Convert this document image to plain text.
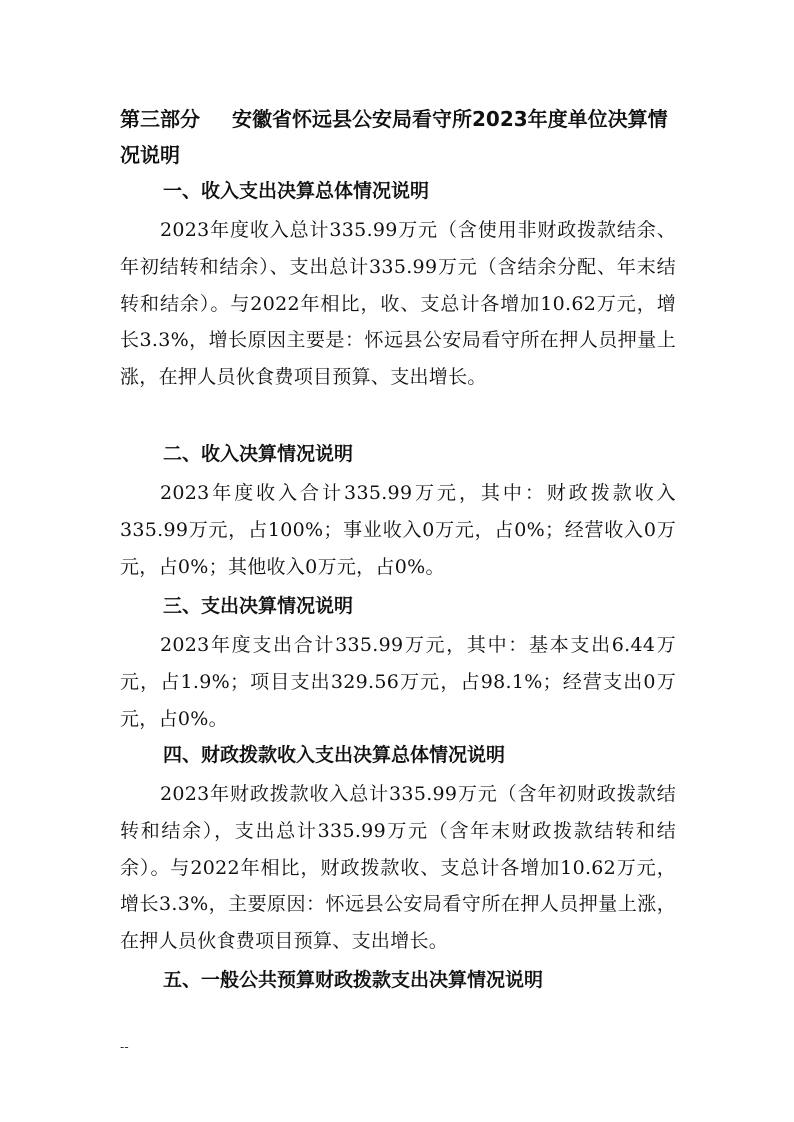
第三部分 安徽省怀远县公安局看守所2023年度单位决算情况说明
一、收入支出决算总体情况说明

2023年度收入总计335.99万元（含使用非财政拨款结余、年初结转和结余）、支出总计335.99万元（含结余分配、年末结转和结余）。与2022年相比，收、支总计各增加10.62万元，增长3.3%，增长原因主要是：怀远县公安局看守所在押人员押量上涨，在押人员伙食费项目预算、支出增长。

二、收入决算情况说明

2023年度收入合计335.99万元，其中：财政拨款收入335.99万元，占100%；事业收入0万元，占0%；经营收入0万元，占0%；其他收入0万元，占0%。

三、支出决算情况说明

2023年度支出合计335.99万元，其中：基本支出6.44万元，占1.9%；项目支出329.56万元，占98.1%；经营支出0万元，占0%。

四、财政拨款收入支出决算总体情况说明

2023年财政拨款收入总计335.99万元（含年初财政拨款结转和结余），支出总计335.99万元（含年末财政拨款结转和结余）。与2022年相比，财政拨款收、支总计各增加10.62万元，增长3.3%，主要原因：怀远县公安局看守所在押人员押量上涨，在押人员伙食费项目预算、支出增长。

五、一般公共预算财政拨款支出决算情况说明
--
